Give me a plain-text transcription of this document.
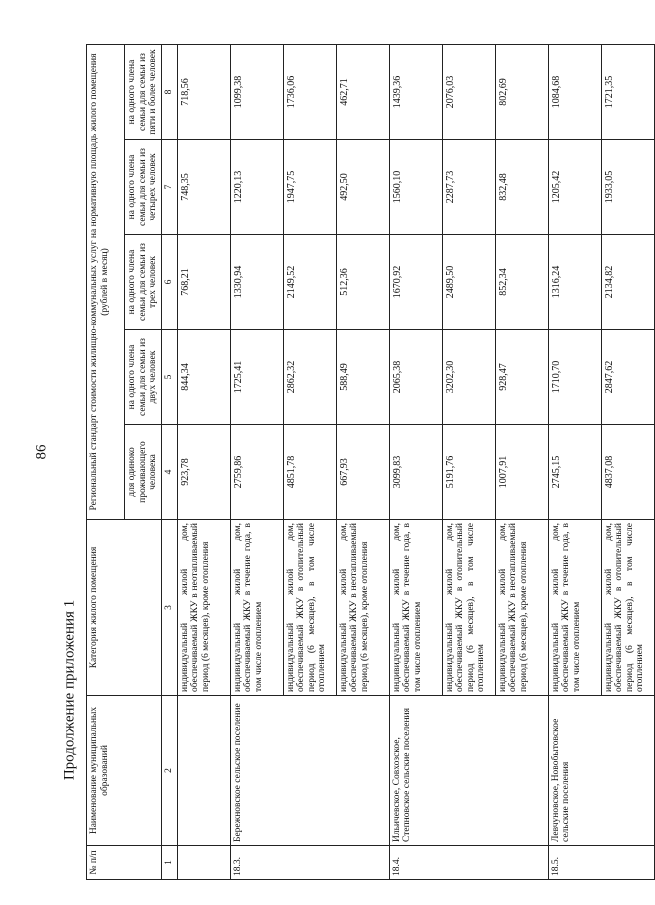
86
Продолжение приложения 1
№ п/п	Наименование муниципальных образований	Категория жилого помещения	Региональный стандарт стоимости жилищно-коммунальных услуг на нормативную площадь жилого помещения
(рублей в месяц)				
			для одиноко проживающего человека	на одного члена семьи для семьи из двух человек	на одного члена семьи для семьи из трех человек	на одного члена семьи для семьи из четырех человек	на одного члена семьи для семьи из пяти и более человек
1	2	3	4	5	6	7	8
		индивидуальный жилой дом, обеспечиваемый ЖКУ в неотапливаемый период (6 месяцев), кроме отопления	923,78	844,34	768,21	748,35	718,56
18.3.	Бережновское сельское поселение	индивидуальный жилой дом, обеспечиваемый ЖКУ в течение года, в том числе отоплением	2759,86	1725,41	1330,94	1220,13	1099,38
		индивидуальный жилой дом, обеспечиваемый ЖКУ в отопительный период (6 месяцев), в том числе отоплением	4851,78	2862,32	2149,52	1947,75	1736,06
		индивидуальный жилой дом, обеспечиваемый ЖКУ в неотапливаемый период (6 месяцев), кроме отопления	667,93	588,49	512,36	492,50	462,71
18.4.	Ильичевское, Совхозское, Степновское сельские поселения	индивидуальный жилой дом, обеспечиваемый ЖКУ в течение года, в том числе отоплением	3099,83	2065,38	1670,92	1560,10	1439,36
		индивидуальный жилой дом, обеспечиваемый ЖКУ в отопительный период (6 месяцев), в том числе отоплением	5191,76	3202,30	2489,50	2287,73	2076,03
		индивидуальный жилой дом, обеспечиваемый ЖКУ в неотапливаемый период (6 месяцев), кроме отопления	1007,91	928,47	852,34	832,48	802,69
18.5.	Левчуновское, Новобытовское сельские поселения	индивидуальный жилой дом, обеспечиваемый ЖКУ в течение года, в том числе отоплением	2745,15	1710,70	1316,24	1205,42	1084,68
		индивидуальный жилой дом, обеспечиваемый ЖКУ в отопительный период (6 месяцев), в том числе отоплением	4837,08	2847,62	2134,82	1933,05	1721,35
